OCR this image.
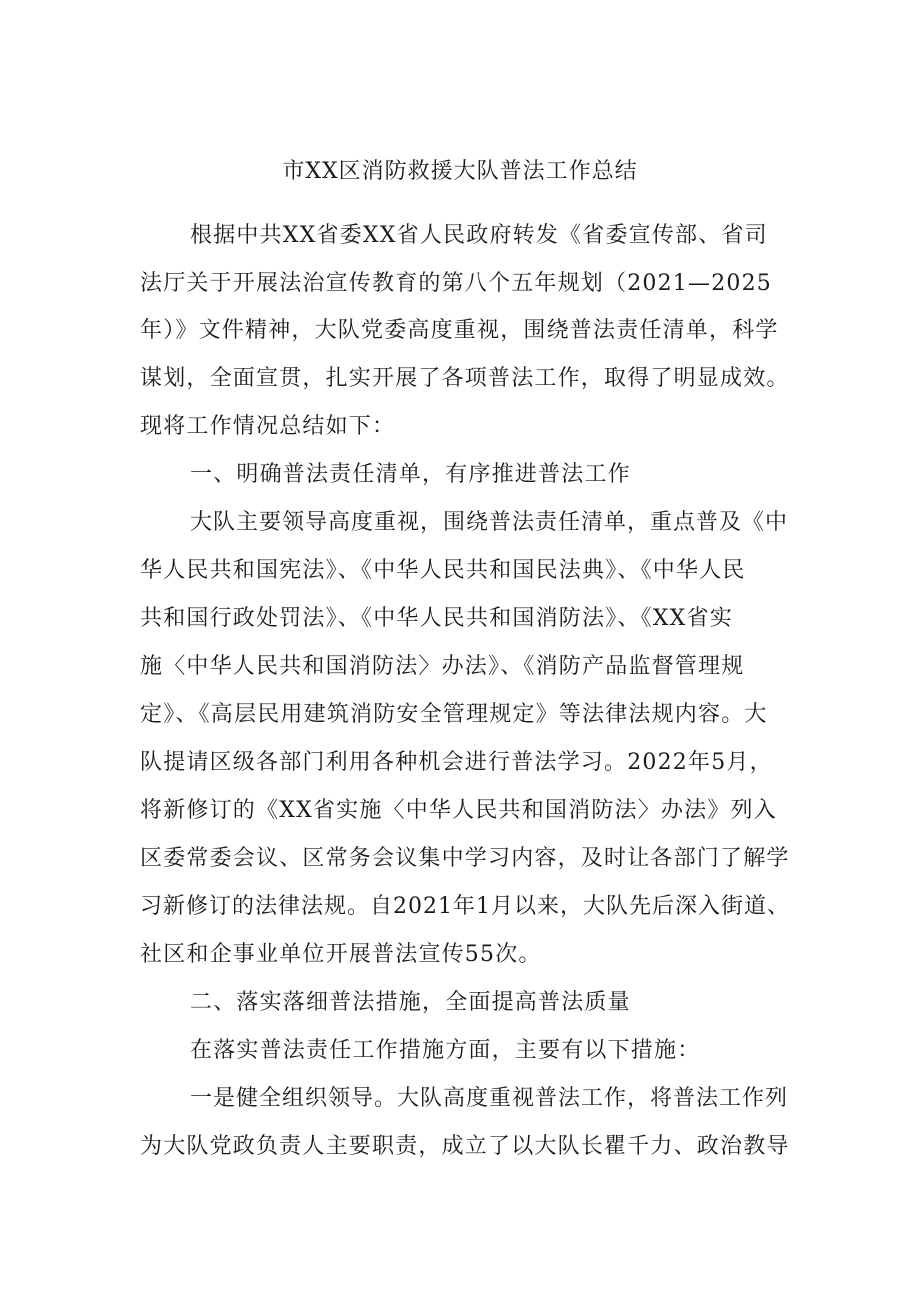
市XX区消防救援大队普法工作总结
根据中共XX省委XX省人民政府转发《省委宣传部、省司
法厅关于开展法治宣传教育的第八个五年规划（2021—2025
年）》文件精神，大队党委高度重视，围绕普法责任清单，科学
谋划，全面宣贯，扎实开展了各项普法工作，取得了明显成效。
现将工作情况总结如下：
一、明确普法责任清单，有序推进普法工作
大队主要领导高度重视，围绕普法责任清单，重点普及《中
华人民共和国宪法》、《中华人民共和国民法典》、《中华人民
共和国行政处罚法》、《中华人民共和国消防法》、《XX省实
施〈中华人民共和国消防法〉办法》、《消防产品监督管理规
定》、《高层民用建筑消防安全管理规定》等法律法规内容。大
队提请区级各部门利用各种机会进行普法学习。2022年5月，
将新修订的《XX省实施〈中华人民共和国消防法〉办法》列入
区委常委会议、区常务会议集中学习内容，及时让各部门了解学
习新修订的法律法规。自2021年1月以来，大队先后深入街道、
社区和企事业单位开展普法宣传55次。
二、落实落细普法措施，全面提高普法质量
在落实普法责任工作措施方面，主要有以下措施：
一是健全组织领导。大队高度重视普法工作，将普法工作列
为大队党政负责人主要职责，成立了以大队长瞿千力、政治教导
